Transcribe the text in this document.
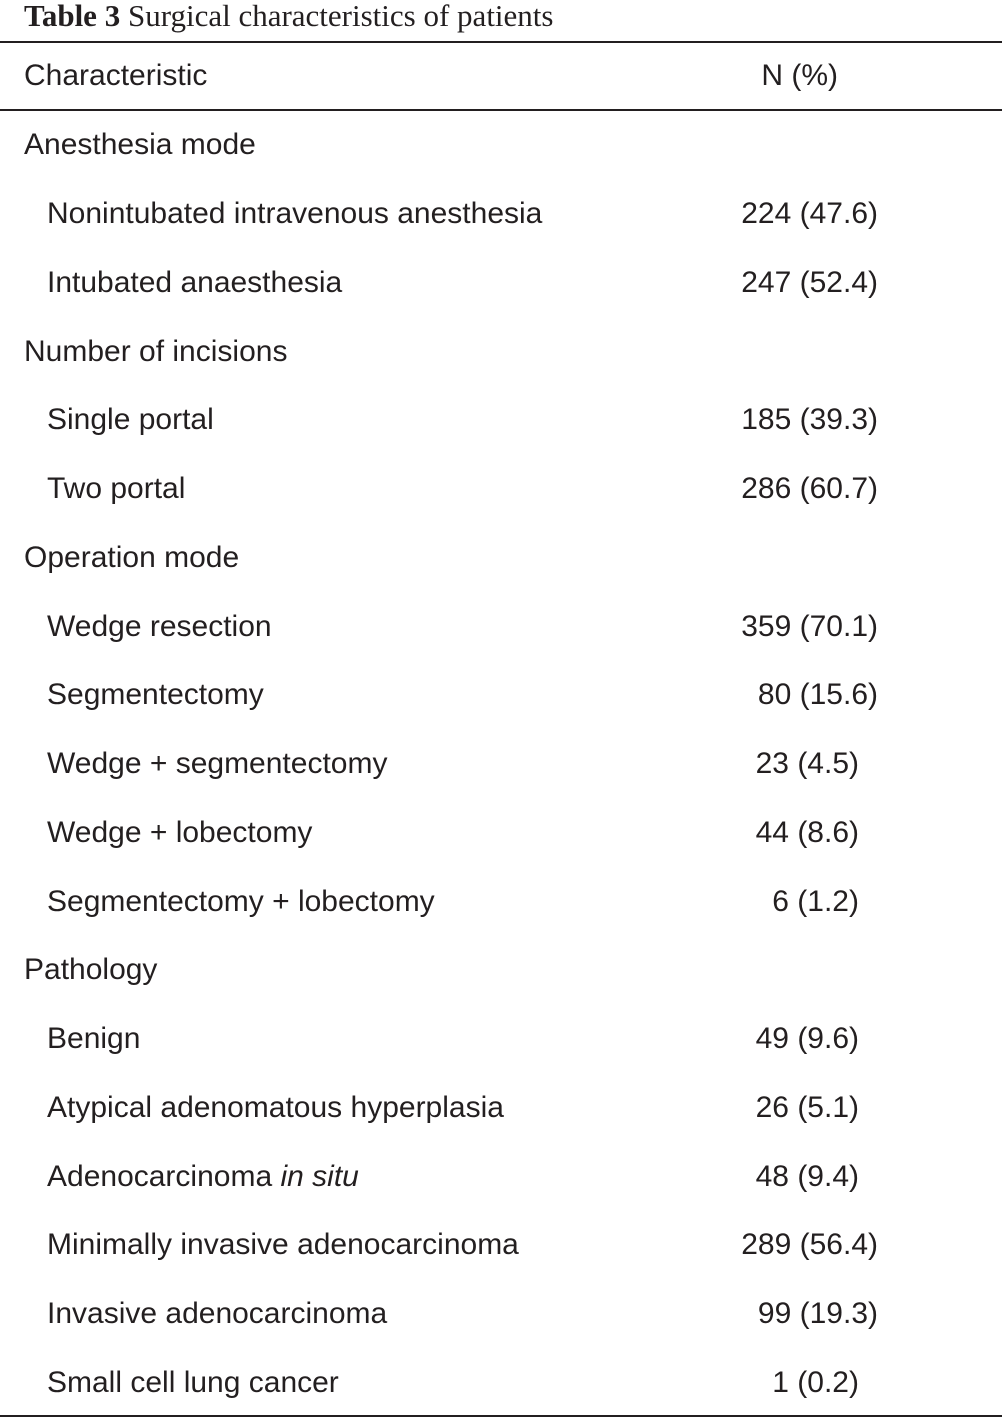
Table 3 Surgical characteristics of patients
Characteristic	N (%)
Anesthesia mode
Nonintubated intravenous anesthesia	224 (47.6)
Intubated anaesthesia	247 (52.4)
Number of incisions
Single portal	185 (39.3)
Two portal	286 (60.7)
Operation mode
Wedge resection	359 (70.1)
Segmentectomy	80 (15.6)
Wedge + segmentectomy	23 (4.5)
Wedge + lobectomy	44 (8.6)
Segmentectomy + lobectomy	6 (1.2)
Pathology
Benign	49 (9.6)
Atypical adenomatous hyperplasia	26 (5.1)
Adenocarcinoma in situ	48 (9.4)
Minimally invasive adenocarcinoma	289 (56.4)
Invasive adenocarcinoma	99 (19.3)
Small cell lung cancer	1 (0.2)
